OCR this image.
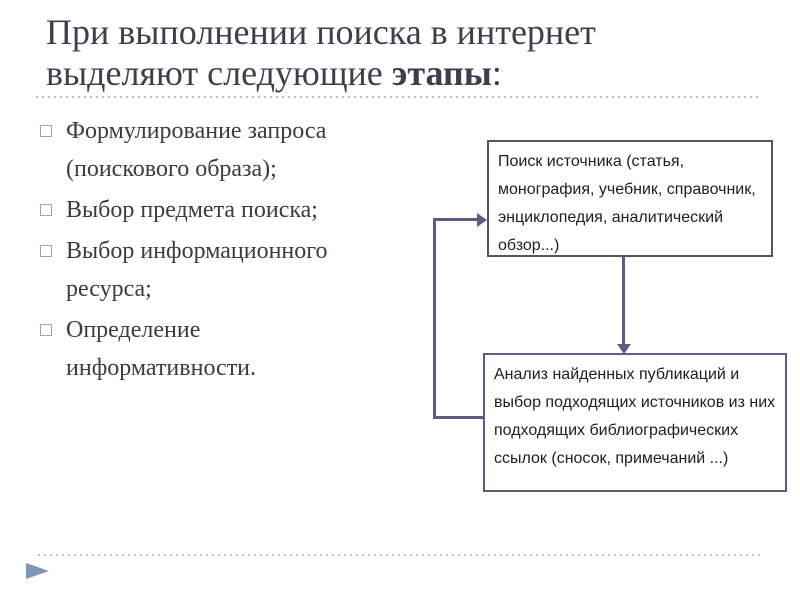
При выполнении поиска в интернет
выделяют следующие этапы:
Формулирование запроса
(поискового образа);
Выбор предмета поиска;
Выбор информационного
ресурса;
Определение
информативности.
Поиск источника (статья,
монография, учебник, справочник,
энциклопедия, аналитический
обзор...)
Анализ найденных публикаций и
выбор подходящих источников из них
подходящих библиографических
ссылок (сносок, примечаний ...)
